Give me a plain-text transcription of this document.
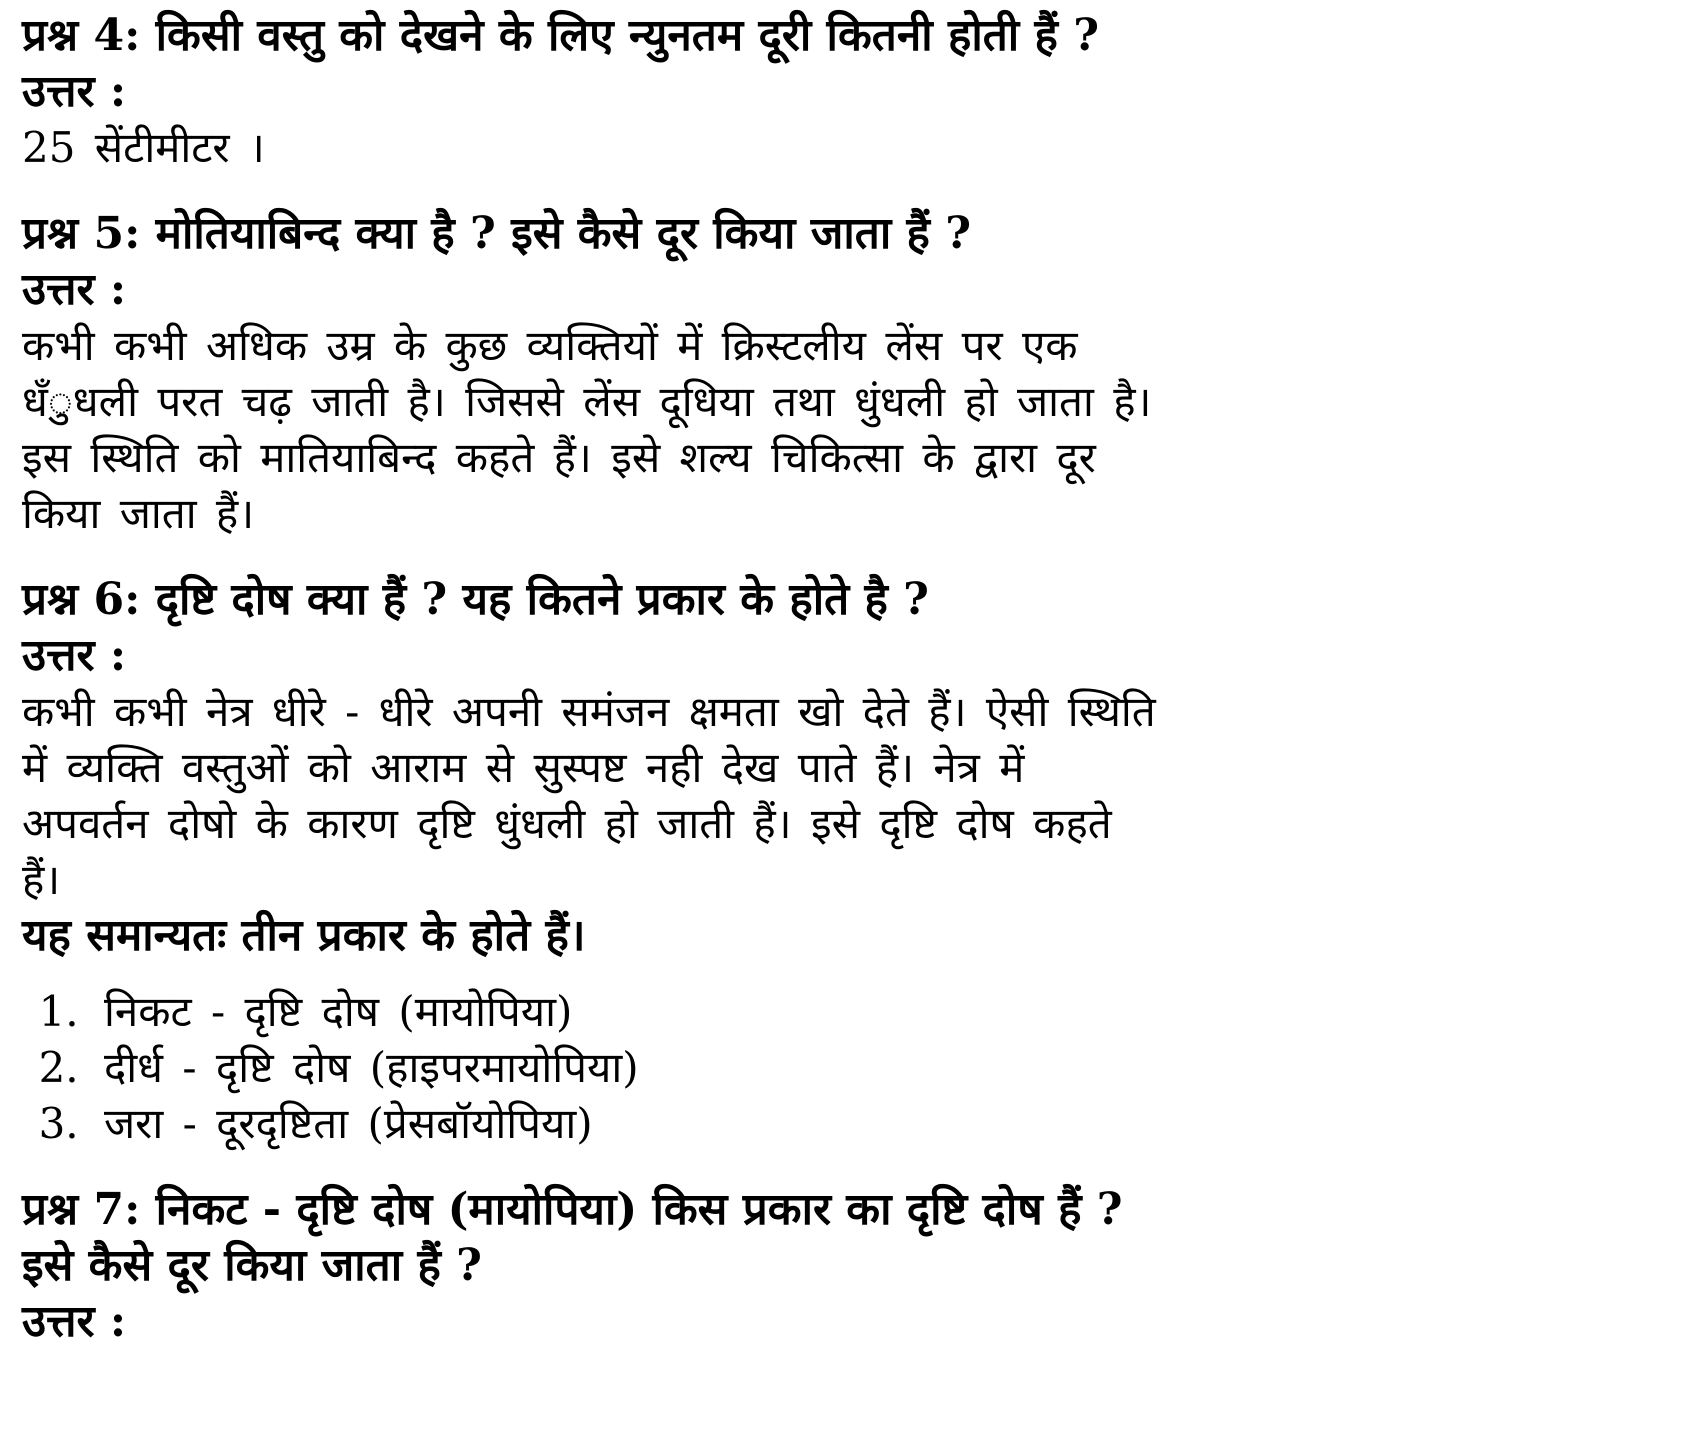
प्रश्न 4: किसी वस्तु को देखने के लिए न्युनतम दूरी कितनी होती हैं ?

उत्तर :

25 सेंटीमीटर ।

प्रश्न 5: मोतियाबिन्द क्या है ? इसे कैसे दूर किया जाता हैं ?

उत्तर :

कभी कभी अधिक उम्र के कुछ व्यक्तियों में क्रिस्टलीय लेंस पर एक धँुधली परत चढ़ जाती है। जिससे लेंस दूधिया तथा धुंधली हो जाता है। इस स्थिति को मातियाबिन्द कहते हैं। इसे शल्य चिकित्सा के द्वारा दूर किया जाता हैं।

प्रश्न 6: दृष्टि दोष क्या हैं ? यह कितने प्रकार के होते है ?

उत्तर :

कभी कभी नेत्र धीरे - धीरे अपनी समंजन क्षमता खो देते हैं। ऐसी स्थिति में व्यक्ति वस्तुओं को आराम से सुस्पष्ट नही देख पाते हैं। नेत्र में अपवर्तन दोषो के कारण दृष्टि धुंधली हो जाती हैं। इसे दृष्टि दोष कहते हैं।

यह समान्यतः तीन प्रकार के होते हैं।

1. निकट - दृष्टि दोष (मायोपिया)
2. दीर्ध - दृष्टि दोष (हाइपरमायोपिया)
3. जरा - दूरदृष्टिता (प्रेसबॉयोपिया)

प्रश्न 7: निकट - दृष्टि दोष (मायोपिया) किस प्रकार का दृष्टि दोष हैं ? इसे कैसे दूर किया जाता हैं ?

उत्तर :
